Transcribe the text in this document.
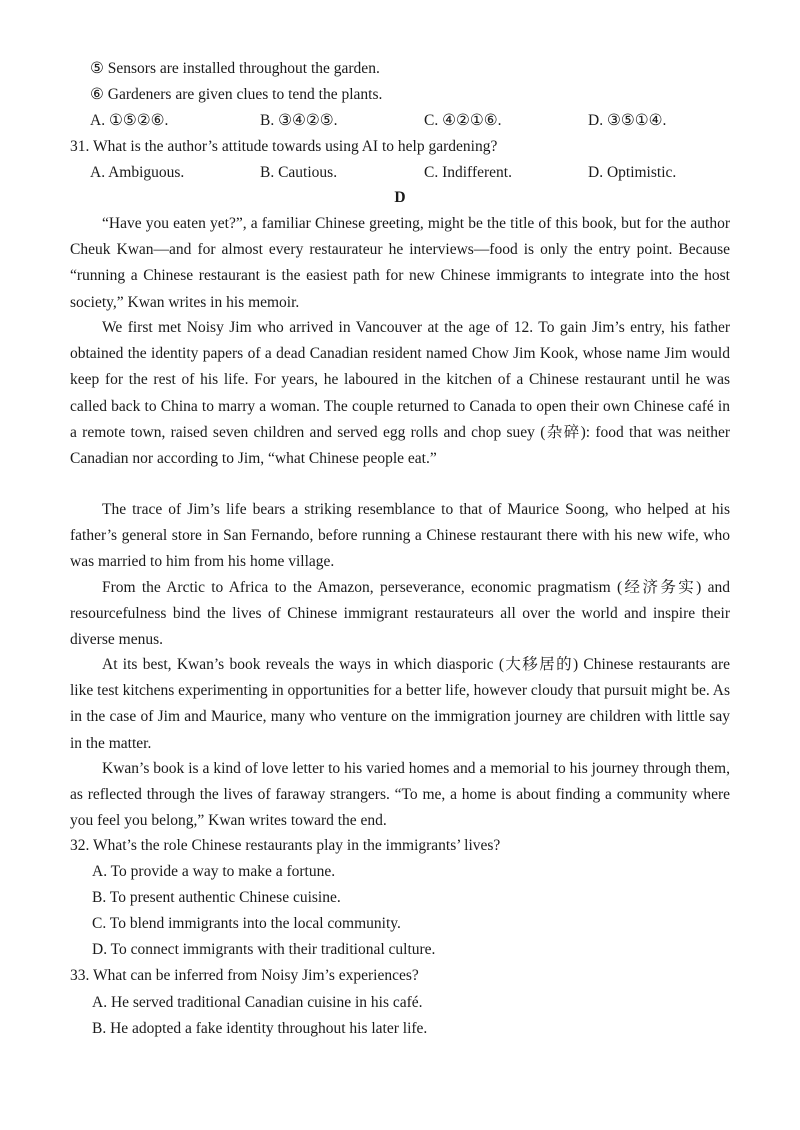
⑤ Sensors are installed throughout the garden.
⑥ Gardeners are given clues to tend the plants.
A. ①⑤②⑥.	B. ③④②⑤.	C. ④②①⑥.	D. ③⑤①④.
31. What is the author’s attitude towards using AI to help gardening?
A. Ambiguous.	B. Cautious.	C. Indifferent.	D. Optimistic.
D

“Have you eaten yet?”, a familiar Chinese greeting, might be the title of this book, but for the author Cheuk Kwan—and for almost every restaurateur he interviews—food is only the entry point. Because “running a Chinese restaurant is the easiest path for new Chinese immigrants to integrate into the host society,” Kwan writes in his memoir.

We first met Noisy Jim who arrived in Vancouver at the age of 12. To gain Jim’s entry, his father obtained the identity papers of a dead Canadian resident named Chow Jim Kook, whose name Jim would keep for the rest of his life. For years, he laboured in the kitchen of a Chinese restaurant until he was called back to China to marry a woman. The couple returned to Canada to open their own Chinese café in a remote town, raised seven children and served egg rolls and chop suey (杂碎): food that was neither Canadian nor according to Jim, “what Chinese people eat.”

The trace of Jim’s life bears a striking resemblance to that of Maurice Soong, who helped at his father’s general store in San Fernando, before running a Chinese restaurant there with his new wife, who was married to him from his home village.

From the Arctic to Africa to the Amazon, perseverance, economic pragmatism (经济务实) and resourcefulness bind the lives of Chinese immigrant restaurateurs all over the world and inspire their diverse menus.

At its best, Kwan’s book reveals the ways in which diasporic (大移居的) Chinese restaurants are like test kitchens experimenting in opportunities for a better life, however cloudy that pursuit might be. As in the case of Jim and Maurice, many who venture on the immigration journey are children with little say in the matter.

Kwan’s book is a kind of love letter to his varied homes and a memorial to his journey through them, as reflected through the lives of faraway strangers. “To me, a home is about finding a community where you feel you belong,” Kwan writes toward the end.

32. What’s the role Chinese restaurants play in the immigrants’ lives?
A. To provide a way to make a fortune.
B. To present authentic Chinese cuisine.
C. To blend immigrants into the local community.
D. To connect immigrants with their traditional culture.
33. What can be inferred from Noisy Jim’s experiences?
A. He served traditional Canadian cuisine in his café.
B. He adopted a fake identity throughout his later life.
